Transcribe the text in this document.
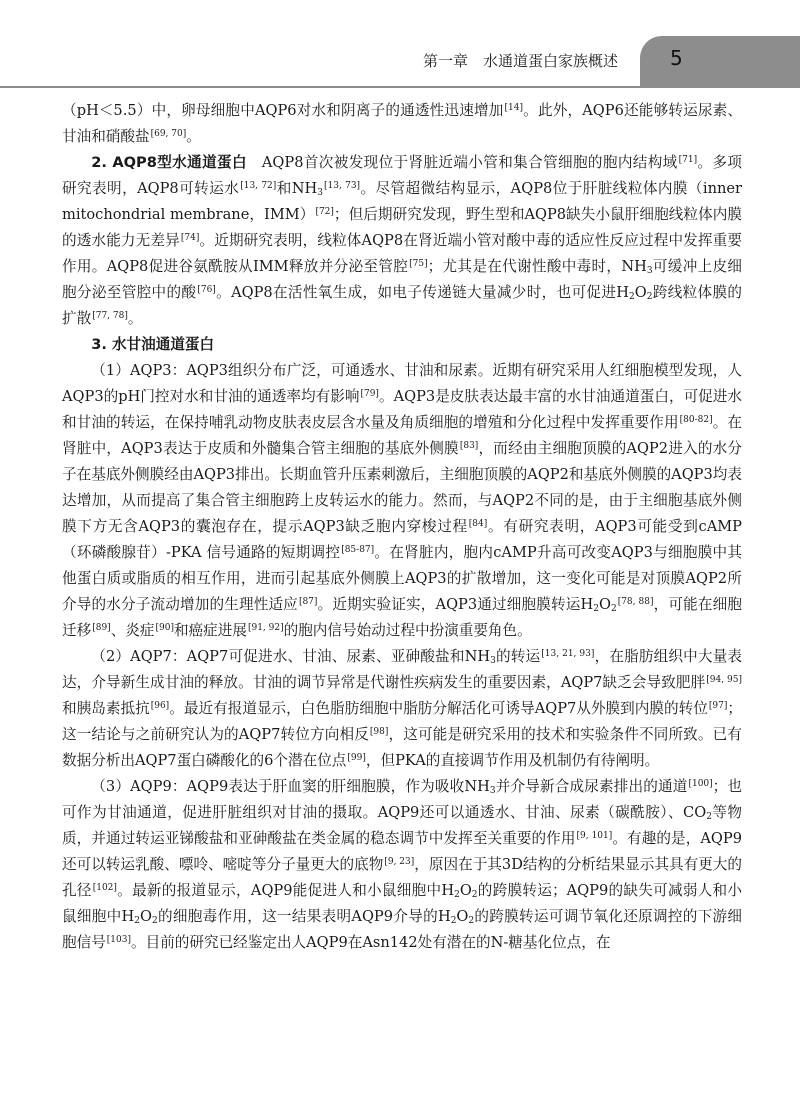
第一章　水通道蛋白家族概述	5

（pH＜5.5）中，卵母细胞中AQP6对水和阴离子的通透性迅速增加[14]。此外，AQP6还能够转运尿素、甘油和硝酸盐[69, 70]。

2. AQP8型水通道蛋白　AQP8首次被发现位于肾脏近端小管和集合管细胞的胞内结构域[71]。多项研究表明，AQP8可转运水[13, 72]和$NH_3[13, 73]$。尽管超微结构显示，AQP8位于肝脏线粒体内膜（inner mitochondrial membrane，IMM）[72]；但后期研究发现，野生型和AQP8缺失小鼠肝细胞线粒体内膜的透水能力无差异[74]。近期研究表明，线粒体AQP8在肾近端小管对酸中毒的适应性反应过程中发挥重要作用。AQP8促进谷氨酰胺从IMM释放并分泌至管腔[75]；尤其是在代谢性酸中毒时，$NH_3$可缓冲上皮细胞分泌至管腔中的酸[76]。AQP8在活性氧生成，如电子传递链大量减少时，也可促进$H_2O_2$跨线粒体膜的扩散[77, 78]。

3. 水甘油通道蛋白

（1）AQP3：AQP3组织分布广泛，可通透水、甘油和尿素。近期有研究采用人红细胞模型发现，人AQP3的pH门控对水和甘油的通透率均有影响[79]。AQP3是皮肤表达最丰富的水甘油通道蛋白，可促进水和甘油的转运，在保持哺乳动物皮肤表皮层含水量及角质细胞的增殖和分化过程中发挥重要作用[80-82]。在肾脏中，AQP3表达于皮质和外髓集合管主细胞的基底外侧膜[83]，而经由主细胞顶膜的AQP2进入的水分子在基底外侧膜经由AQP3排出。长期血管升压素刺激后，主细胞顶膜的AQP2和基底外侧膜的AQP3均表达增加，从而提高了集合管主细胞跨上皮转运水的能力。然而，与AQP2不同的是，由于主细胞基底外侧膜下方无含AQP3的囊泡存在，提示AQP3缺乏胞内穿梭过程[84]。有研究表明，AQP3可能受到cAMP（环磷酸腺苷）-PKA 信号通路的短期调控[85-87]。在肾脏内，胞内cAMP升高可改变AQP3与细胞膜中其他蛋白质或脂质的相互作用，进而引起基底外侧膜上AQP3的扩散增加，这一变化可能是对顶膜AQP2所介导的水分子流动增加的生理性适应[87]。近期实验证实，AQP3通过细胞膜转运$H_2O_2[78, 88]$，可能在细胞迁移[89]、炎症[90]和癌症进展[91, 92]的胞内信号始动过程中扮演重要角色。

（2）AQP7：AQP7可促进水、甘油、尿素、亚砷酸盐和$NH_3$的转运[13, 21, 93]，在脂肪组织中大量表达，介导新生成甘油的释放。甘油的调节异常是代谢性疾病发生的重要因素，AQP7缺乏会导致肥胖[94, 95]和胰岛素抵抗[96]。最近有报道显示，白色脂肪细胞中脂肪分解活化可诱导AQP7从外膜到内膜的转位[97]；这一结论与之前研究认为的AQP7转位方向相反[98]，这可能是研究采用的技术和实验条件不同所致。已有数据分析出AQP7蛋白磷酸化的6个潜在位点[99]，但PKA的直接调节作用及机制仍有待阐明。

（3）AQP9：AQP9表达于肝血窦的肝细胞膜，作为吸收$NH_3$并介导新合成尿素排出的通道[100]；也可作为甘油通道，促进肝脏组织对甘油的摄取。AQP9还可以通透水、甘油、尿素（碳酰胺）、$CO_2$等物质，并通过转运亚锑酸盐和亚砷酸盐在类金属的稳态调节中发挥至关重要的作用[9, 101]。有趣的是，AQP9还可以转运乳酸、嘌呤、嘧啶等分子量更大的底物[9, 23]，原因在于其3D结构的分析结果显示其具有更大的孔径[102]。最新的报道显示，AQP9能促进人和小鼠细胞中$H_2O_2$的跨膜转运；AQP9的缺失可减弱人和小鼠细胞中$H_2O_2$的细胞毒作用，这一结果表明AQP9介导的$H_2O_2$的跨膜转运可调节氧化还原调控的下游细胞信号[103]。目前的研究已经鉴定出人AQP9在Asn142处有潜在的N-糖基化位点，在
